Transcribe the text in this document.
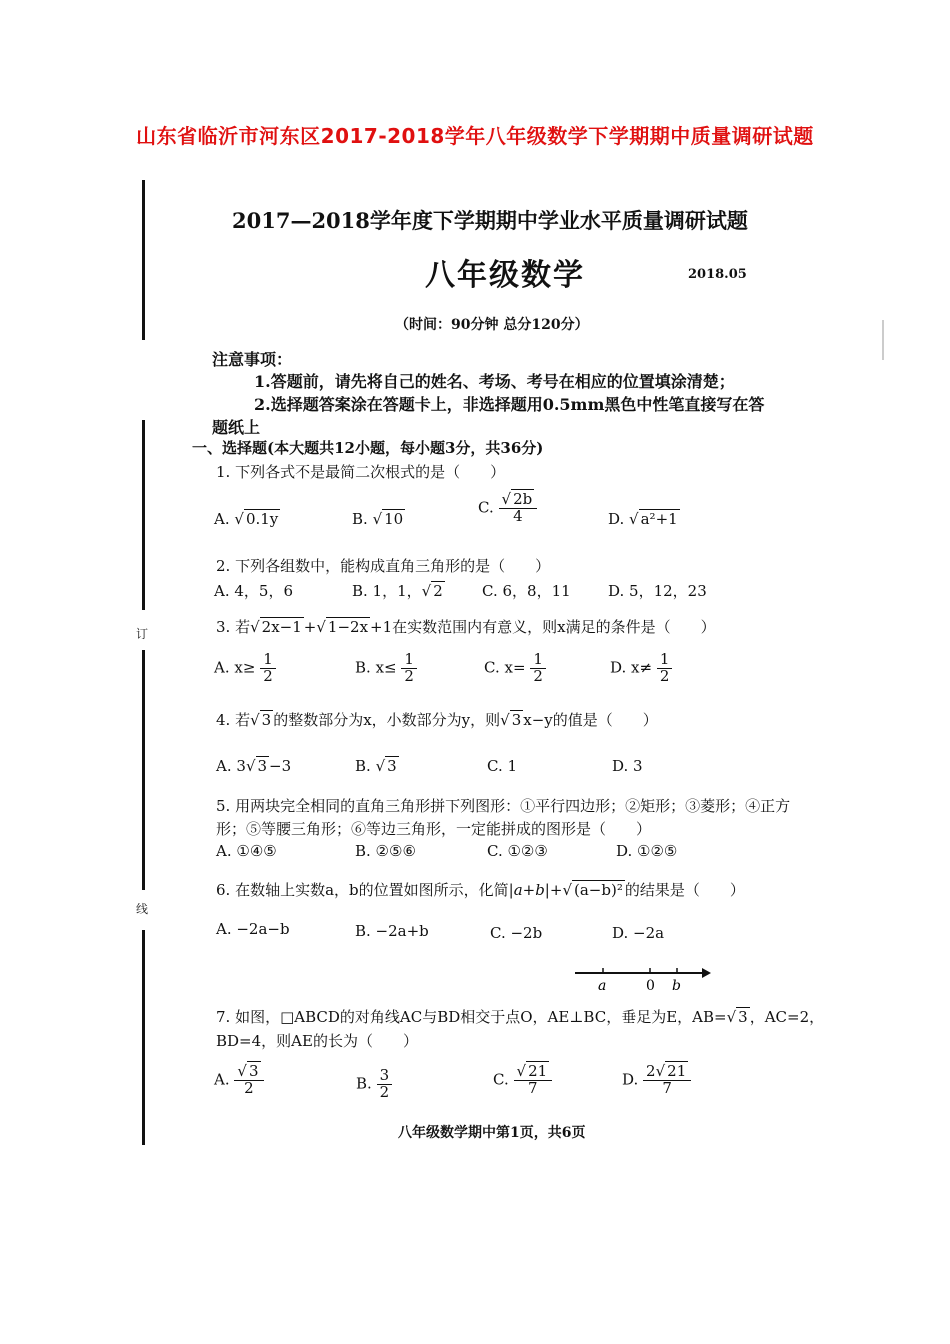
山东省临沂市河东区2017-2018学年八年级数学下学期期中质量调研试题
订
线
2017—2018学年度下学期期中学业水平质量调研试题
八年级数学	2018.05
（时间：90分钟 总分120分）
注意事项：
1.答题前，请先将自己的姓名、考场、考号在相应的位置填涂清楚；
2.选择题答案涂在答题卡上，非选择题用0.5mm黑色中性笔直接写在答
题纸上
一、选择题(本大题共12小题，每小题3分，共36分)
1. 下列各式不是最简二次根式的是（　　）
A. √ 0.1y	B. √ 10
C. √ $\frac{2b}{4}$	D. √ a²+1
2. 下列各组数中，能构成直角三角形的是（　　）
A. 4，5，6	B. 1，1， √ 2	C. 6，8，11 D. 5，12，23
3. 若 √ 2x−1 + √ 1−2x +1在实数范围内有意义，则x满足的条件是（　　）
A. $x\ge \frac{1}{2}$	B. $x\le \frac{1}{2}$	C. $x= \frac{1}{2}$	D. $x\ne \frac{1}{2}$
4. 若 √ 3 的整数部分为x，小数部分为y，则 √ 3 x−y的值是（　　）
A. 3 √ 3 −3	B. √ 3	C. 1	D. 3
5. 用两块完全相同的直角三角形拼下列图形：①平行四边形；②矩形；③菱形；④正方
形；⑤等腰三角形；⑥等边三角形，一定能拼成的图形是（　　）
A. ①④⑤	B. ②⑤⑥	C. ①②③	D. ①②⑤
6. 在数轴上实数a，b的位置如图所示，化简|a+b|+ √ (a−b)² 的结果是（　　）
A. −2a−b	B. −2a+b	C. −2b	D. −2a
a	0 b
7. 如图，□ABCD的对角线AC与BD相交于点O，AE⊥BC，垂足为E，AB= √ 3 ，AC=2，
BD=4，则AE的长为（　　）
A. √ $\frac{3}{2}$	B. $\frac{3}{2}$	C. √ $\frac{21}{7}$	D. $\frac{2 √ 21}{7}$
八年级数学期中第1页，共6页
